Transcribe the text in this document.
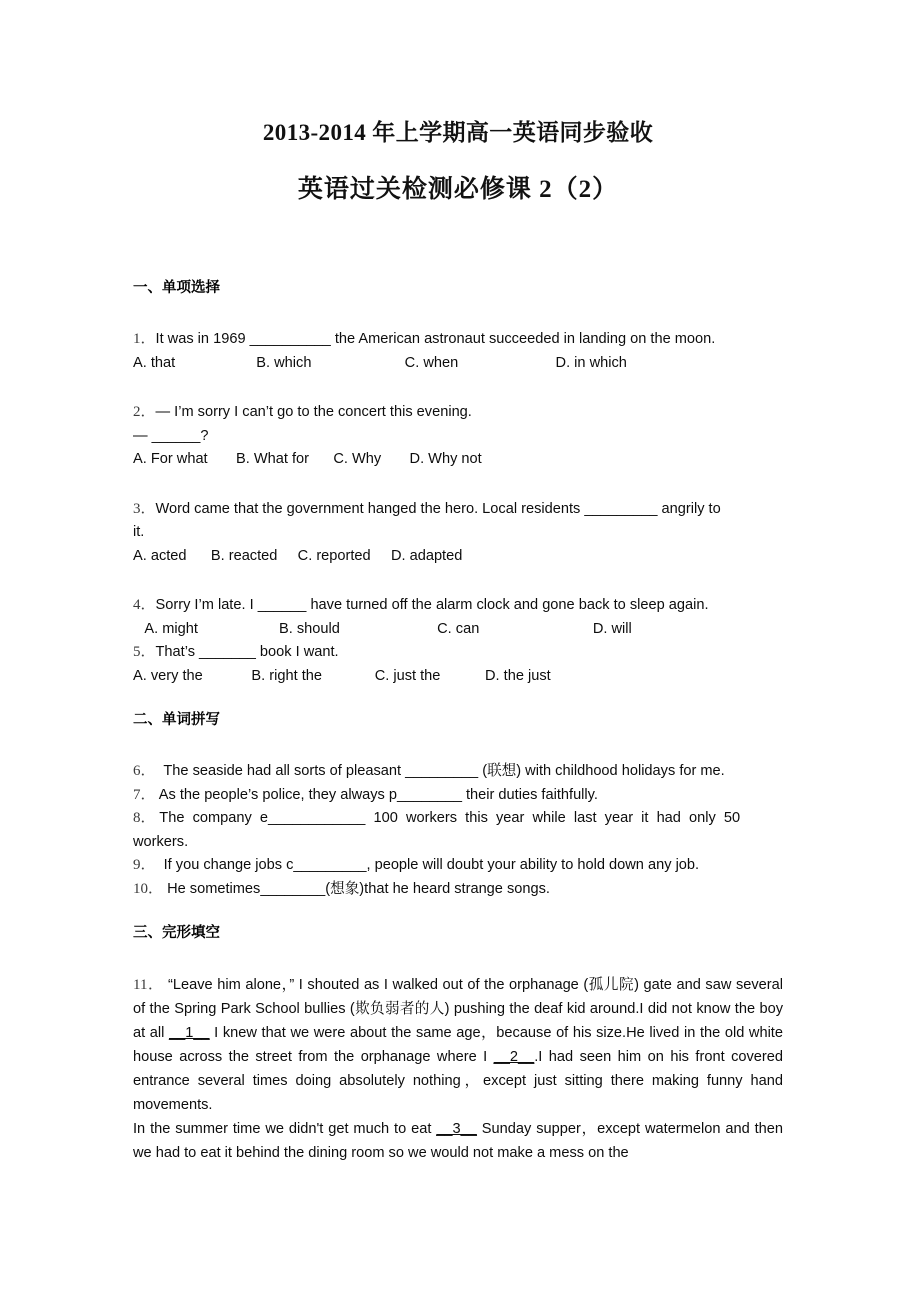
2013-2014 年上学期高一英语同步验收
英语过关检测必修课 2（2）
一、单项选择
1．It was in 1969 __________ the American astronaut succeeded in landing on the moon.
A. that                    B. which                       C. when                        D. in which
2．— I’m sorry I can’t go to the concert this evening.
— ______?
A. For what       B. What for      C. Why       D. Why not
3．Word came that the government hanged the hero. Local residents _________ angrily to
it.
A. acted      B. reacted     C. reported     D. adapted
4．Sorry I’m late. I ______ have turned off the alarm clock and gone back to sleep again.
A. might                    B. should                        C. can                            D. will
5．That’s _______ book I want.
A. very the            B. right the             C. just the           D. the just
二、单词拼写
6．  The seaside had all sorts of pleasant _________ (联想) with childhood holidays for me.
7． As the people’s police, they always p________ their duties faithfully.
8． The  company  e____________  100  workers  this  year  while  last  year  it  had  only  50
workers.
9．  If you change jobs c_________, people will doubt your ability to hold down any job.
10． He sometimes________(想象)that he heard strange songs.
三、完形填空
11． “Leave him alone，” I shouted as I walked out of the orphanage (孤儿院) gate and saw several of the Spring Park School bullies (欺负弱者的人) pushing the deaf kid around.I did not know the boy at all __1__ I knew that we were about the same age，because of his size.He lived in the old white house across the street from the orphanage where I __2__.I had seen him on his front covered entrance several times doing absolutely nothing，except just sitting there making funny hand movements.
In the summer time we didn't get much to eat __3__ Sunday supper，except watermelon and then we had to eat it behind the dining room so we would not make a mess on the
